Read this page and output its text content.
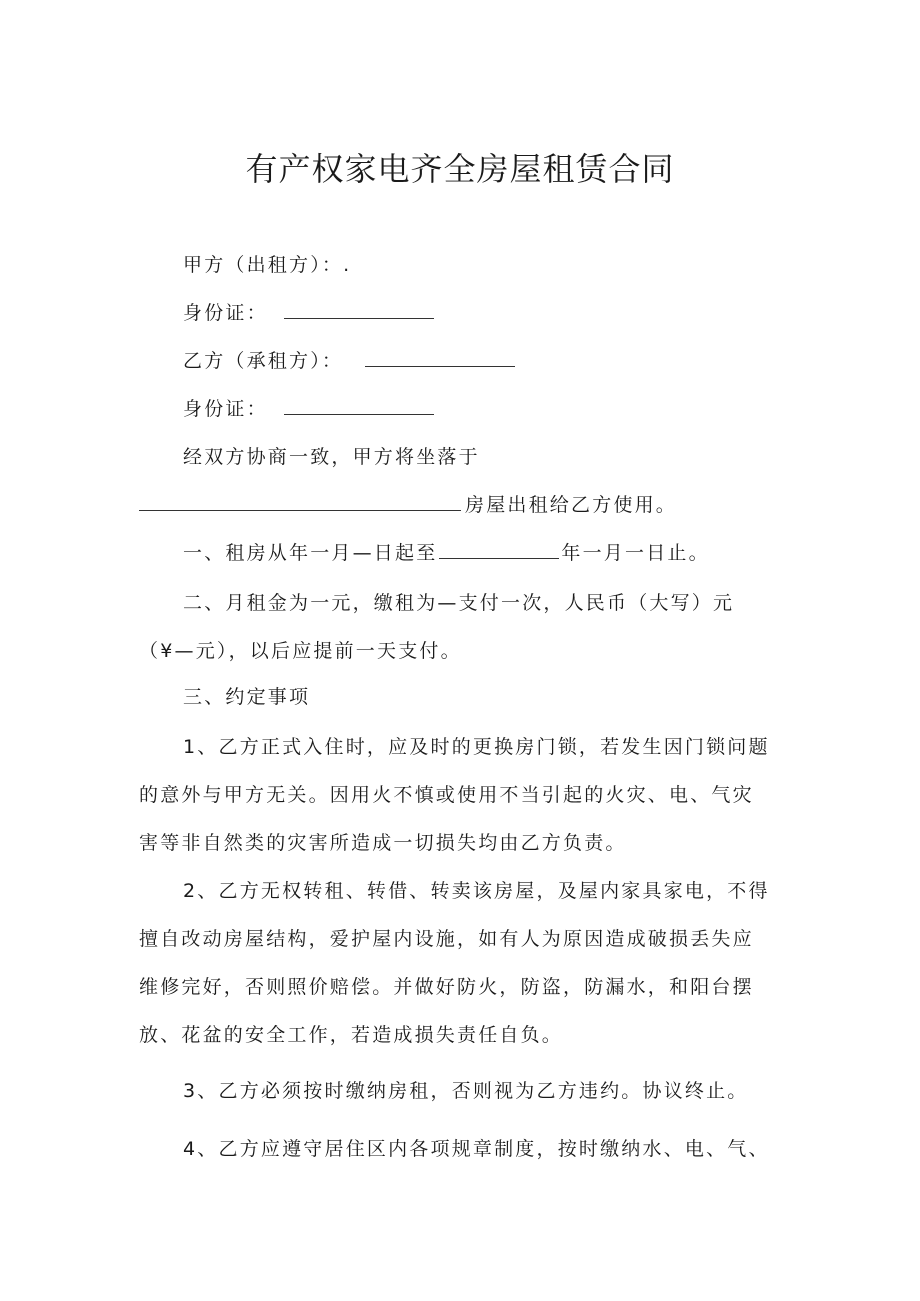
有产权家电齐全房屋租赁合同
甲方（出租方）：.
身份证：
乙方（承租方）：
身份证：
经双方协商一致，甲方将坐落于
房屋出租给乙方使用。
一、租房从年一月—日起至	年一月一日止。
二、月租金为一元，缴租为—支付一次，人民币（大写）元
（¥—元），以后应提前一天支付。
三、约定事项
1、乙方正式入住时，应及时的更换房门锁，若发生因门锁问题
的意外与甲方无关。因用火不慎或使用不当引起的火灾、电、气灾
害等非自然类的灾害所造成一切损失均由乙方负责。
2、乙方无权转租、转借、转卖该房屋，及屋内家具家电，不得
擅自改动房屋结构，爱护屋内设施，如有人为原因造成破损丢失应
维修完好，否则照价赔偿。并做好防火，防盗，防漏水，和阳台摆
放、花盆的安全工作，若造成损失责任自负。
3、乙方必须按时缴纳房租，否则视为乙方违约。协议终止。
4、乙方应遵守居住区内各项规章制度，按时缴纳水、电、气、
